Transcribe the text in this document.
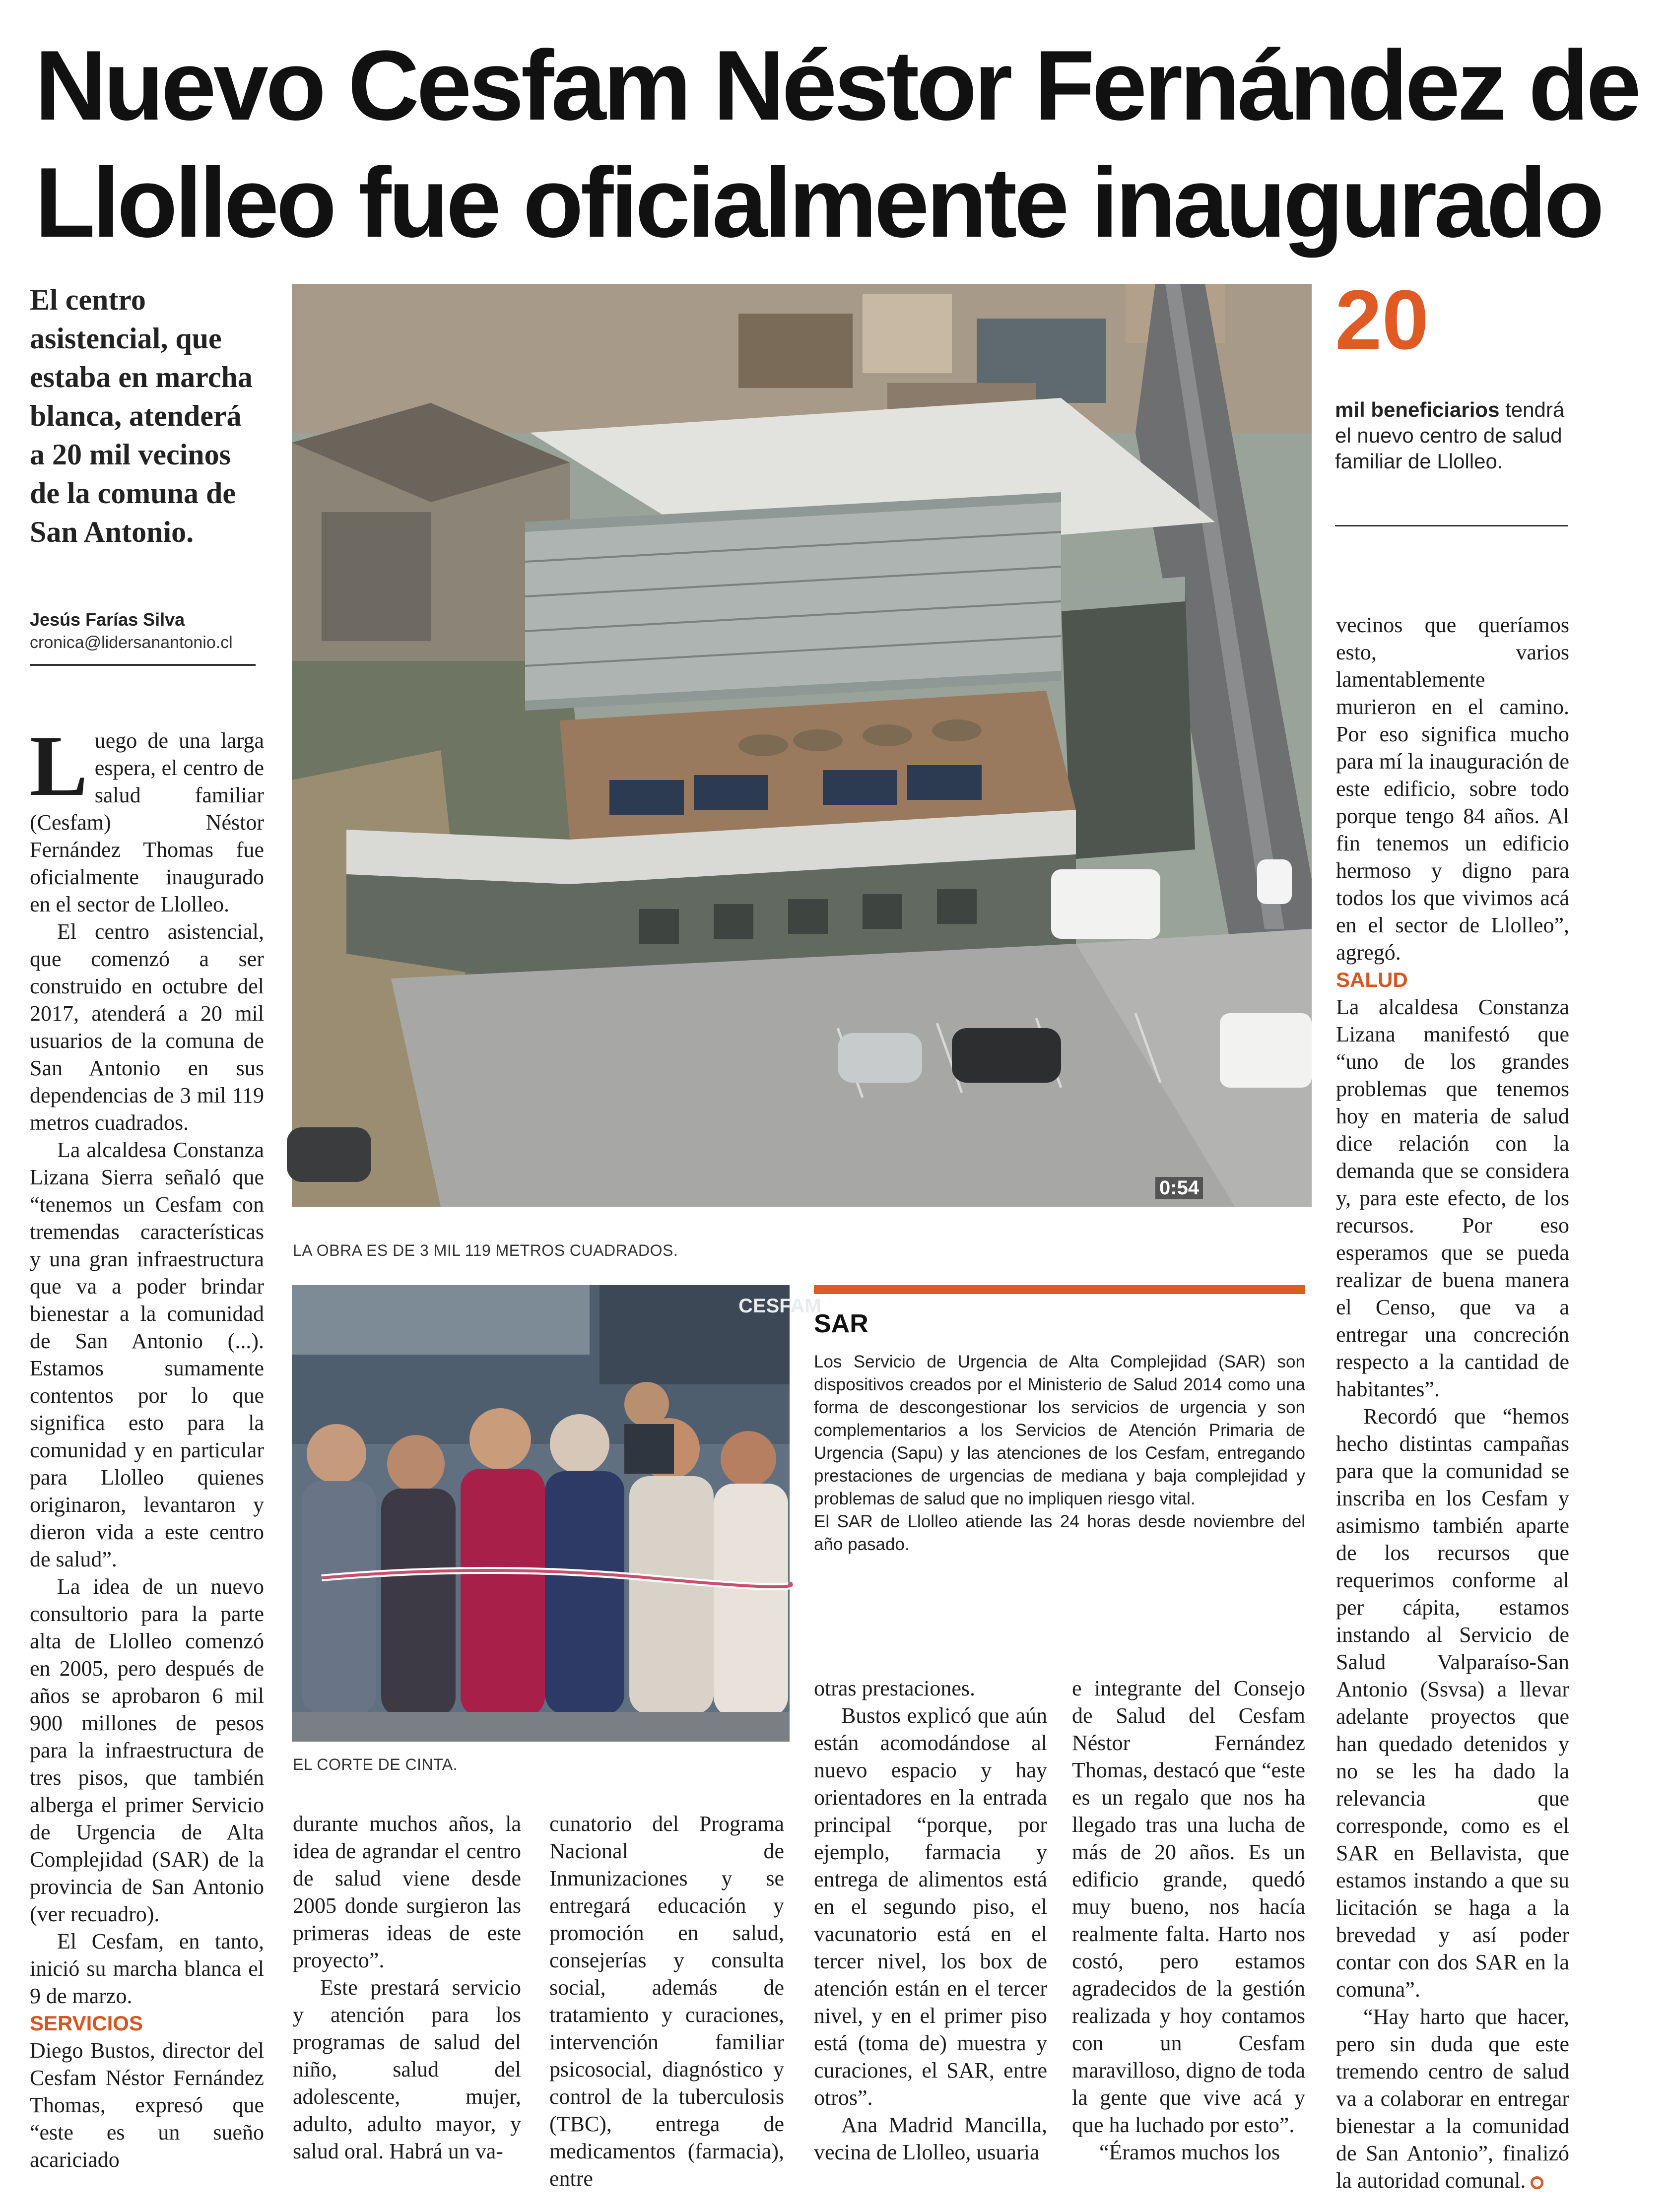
Nuevo Cesfam Néstor Fernández de Llolleo fue oficialmente inaugurado
El centro asistencial, que estaba en marcha blanca, atenderá a 20 mil vecinos de la comuna de San Antonio.
Jesús Farías Silva
cronica@lidersanantonio.cl
0:54
LA OBRA ES DE 3 MIL 119 METROS CUADRADOS.
CESFAM
EL CORTE DE CINTA.
20
mil beneficiarios tendrá el nuevo centro de salud familiar de Llolleo.

Luego de una larga espera, el centro de salud familiar (Cesfam) Néstor Fernández Thomas fue oficialmente inaugurado en el sector de Llolleo.

El centro asistencial, que comenzó a ser construido en octubre del 2017, atenderá a 20 mil usuarios de la comuna de San Antonio en sus dependencias de 3 mil 119 metros cuadrados.

La alcaldesa Constanza Lizana Sierra señaló que “tenemos un Cesfam con tremendas características y una gran infraestructura que va a poder brindar bienestar a la comunidad de San Antonio (...). Estamos sumamente contentos por lo que significa esto para la comunidad y en particular para Llolleo quienes originaron, levantaron y dieron vida a este centro de salud”.

La idea de un nuevo consultorio para la parte alta de Llolleo comenzó en 2005, pero después de años se aprobaron 6 mil 900 millones de pesos para la infraestructura de tres pisos, que también alberga el primer Servicio de Urgencia de Alta Complejidad (SAR) de la provincia de San Antonio (ver recuadro).

El Cesfam, en tanto, inició su marcha blanca el 9 de marzo.

SERVICIOS

Diego Bustos, director del Cesfam Néstor Fernández Thomas, expresó que “este es un sueño acariciado

durante muchos años, la idea de agrandar el centro de salud viene desde 2005 donde surgieron las primeras ideas de este proyecto”.

Este prestará servicio y atención para los programas de salud del niño, salud del adolescente, mujer, adulto, adulto mayor, y salud oral. Habrá un va-

cunatorio del Programa Nacional de Inmunizaciones y se entregará educación y promoción en salud, consejerías y consulta social, además de tratamiento y curaciones, intervención familiar psicosocial, diagnóstico y control de la tuberculosis (TBC), entrega de medicamentos (farmacia), entre

SAR

Los Servicio de Urgencia de Alta Complejidad (SAR) son dispositivos creados por el Ministerio de Salud 2014 como una forma de descongestionar los servicios de urgencia y son complementarios a los Servicios de Atención Primaria de Urgencia (Sapu) y las atenciones de los Cesfam, entregando prestaciones de urgencias de mediana y baja complejidad y problemas de salud que no impliquen riesgo vital.

El SAR de Llolleo atiende las 24 horas desde noviembre del año pasado.

otras prestaciones.

Bustos explicó que aún están acomodándose al nuevo espacio y hay orientadores en la entrada principal “porque, por ejemplo, farmacia y entrega de alimentos está en el segundo piso, el vacunatorio está en el tercer nivel, los box de atención están en el tercer nivel, y en el primer piso está (toma de) muestra y curaciones, el SAR, entre otros”.

Ana Madrid Mancilla, vecina de Llolleo, usuaria

e integrante del Consejo de Salud del Cesfam Néstor Fernández Thomas, destacó que “este es un regalo que nos ha llegado tras una lucha de más de 20 años. Es un edificio grande, quedó muy bueno, nos hacía realmente falta. Harto nos costó, pero estamos agradecidos de la gestión realizada y hoy contamos con un Cesfam maravilloso, digno de toda la gente que vive acá y que ha luchado por esto”.

“Éramos muchos los

vecinos que queríamos esto, varios lamentablemente murieron en el camino. Por eso significa mucho para mí la inauguración de este edificio, sobre todo porque tengo 84 años. Al fin tenemos un edificio hermoso y digno para todos los que vivimos acá en el sector de Llolleo”, agregó.

SALUD

La alcaldesa Constanza Lizana manifestó que “uno de los grandes problemas que tenemos hoy en materia de salud dice relación con la demanda que se considera y, para este efecto, de los recursos. Por eso esperamos que se pueda realizar de buena manera el Censo, que va a entregar una concreción respecto a la cantidad de habitantes”.

Recordó que “hemos hecho distintas campañas para que la comunidad se inscriba en los Cesfam y asimismo también aparte de los recursos que requerimos conforme al per cápita, estamos instando al Servicio de Salud Valparaíso-San Antonio (Ssvsa) a llevar adelante proyectos que han quedado detenidos y no se les ha dado la relevancia que corresponde, como es el SAR en Bellavista, que estamos instando a que su licitación se haga a la brevedad y así poder contar con dos SAR en la comuna”.

“Hay harto que hacer, pero sin duda que este tremendo centro de salud va a colaborar en entregar bienestar a la comunidad de San Antonio”, finalizó la autoridad comunal.
